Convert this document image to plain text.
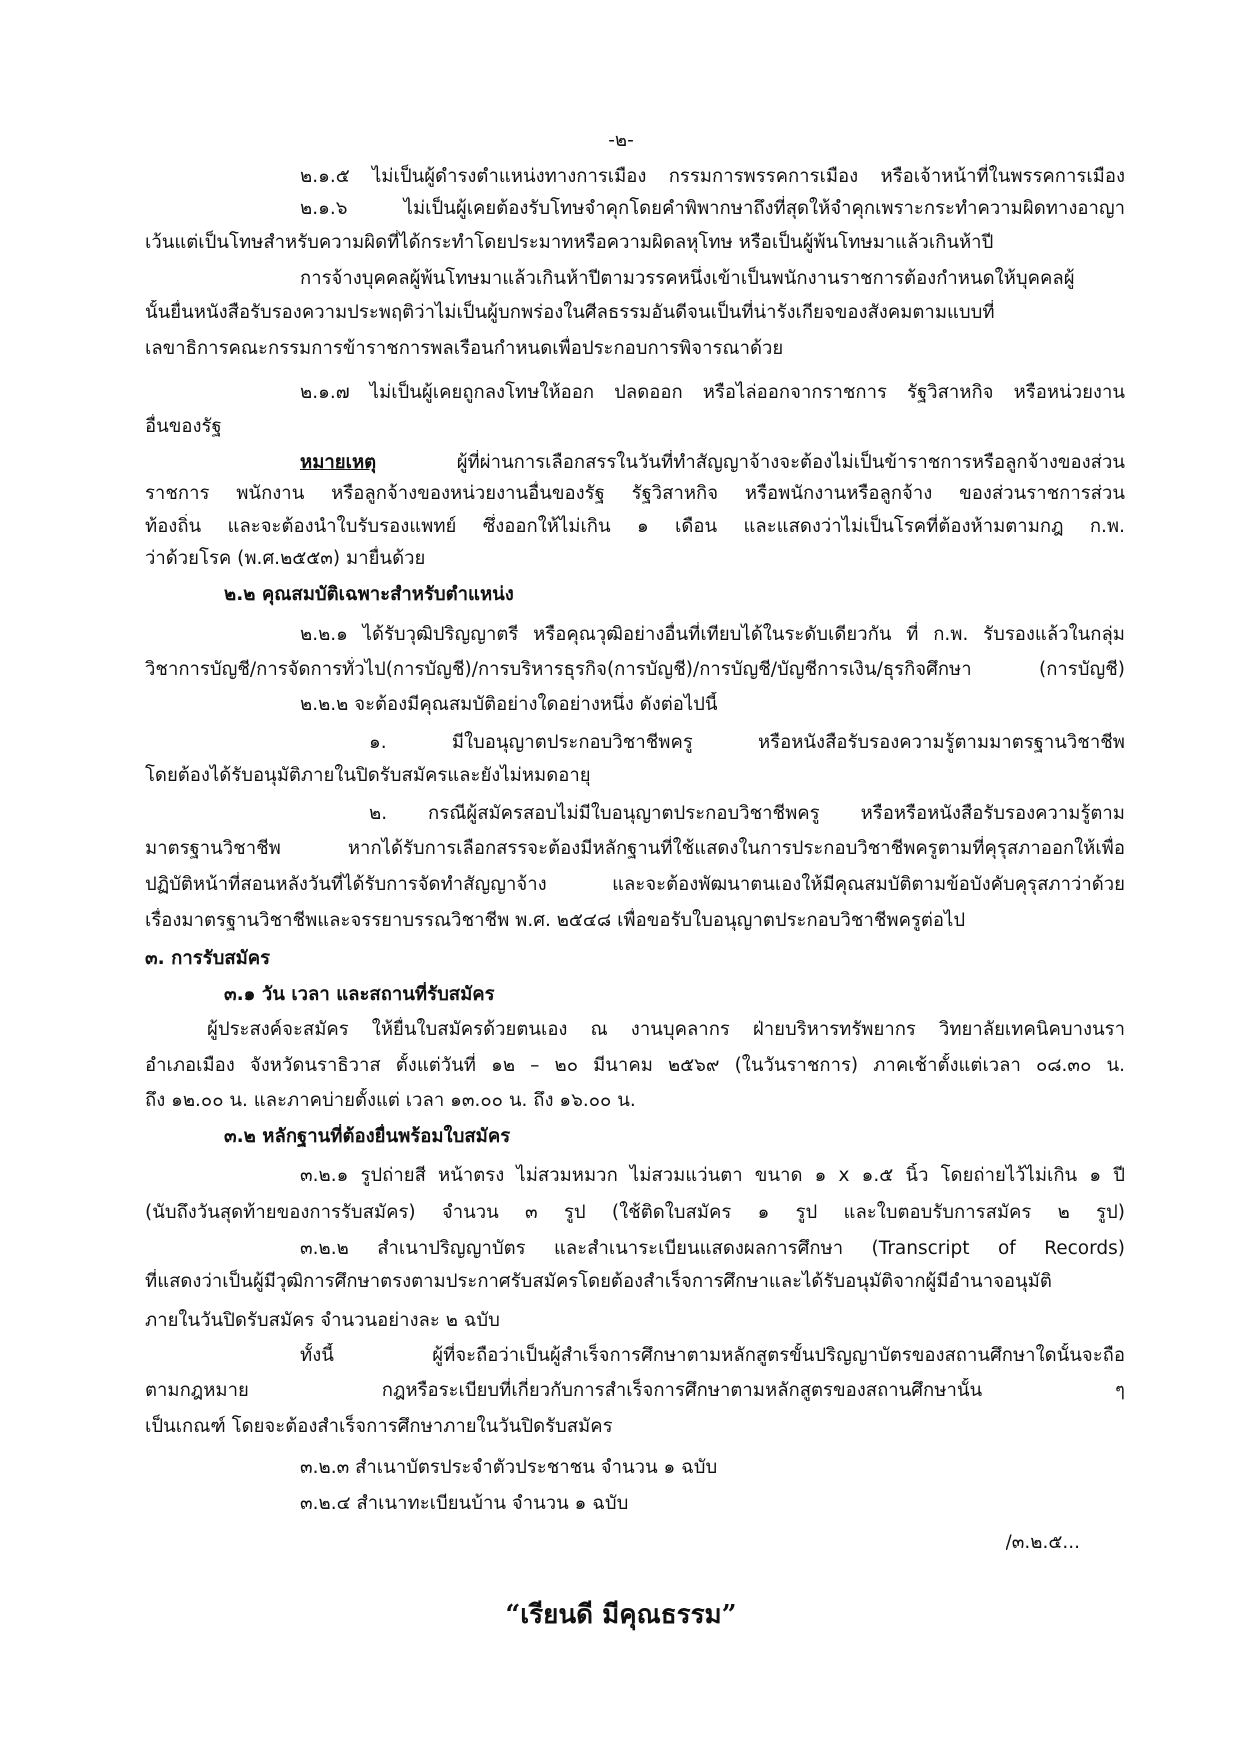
-๒-
๒.๑.๕ ไม่เป็นผู้ดำรงตำแหน่งทางการเมือง กรรมการพรรคการเมือง หรือเจ้าหน้าที่ในพรรคการเมือง
๒.๑.๖ ไม่เป็นผู้เคยต้องรับโทษจำคุกโดยคำพิพากษาถึงที่สุดให้จำคุกเพราะกระทำความผิดทางอาญา
เว้นแต่เป็นโทษสำหรับความผิดที่ได้กระทำโดยประมาทหรือความผิดลหุโทษ หรือเป็นผู้พ้นโทษมาแล้วเกินห้าปี
การจ้างบุคคลผู้พ้นโทษมาแล้วเกินห้าปีตามวรรคหนึ่งเข้าเป็นพนักงานราชการต้องกำหนดให้บุคคลผู้
นั้นยื่นหนังสือรับรองความประพฤติว่าไม่เป็นผู้บกพร่องในศีลธรรมอันดีจนเป็นที่น่ารังเกียจของสังคมตามแบบที่
เลขาธิการคณะกรรมการข้าราชการพลเรือนกำหนดเพื่อประกอบการพิจารณาด้วย
๒.๑.๗ ไม่เป็นผู้เคยถูกลงโทษให้ออก ปลดออก หรือไล่ออกจากราชการ รัฐวิสาหกิจ หรือหน่วยงาน
อื่นของรัฐ
หมายเหตุ ผู้ที่ผ่านการเลือกสรรในวันที่ทำสัญญาจ้างจะต้องไม่เป็นข้าราชการหรือลูกจ้างของส่วน
ราชการ พนักงาน หรือลูกจ้างของหน่วยงานอื่นของรัฐ รัฐวิสาหกิจ หรือพนักงานหรือลูกจ้าง ของส่วนราชการส่วน
ท้องถิ่น และจะต้องนำใบรับรองแพทย์ ซึ่งออกให้ไม่เกิน ๑ เดือน และแสดงว่าไม่เป็นโรคที่ต้องห้ามตามกฎ ก.พ.
ว่าด้วยโรค (พ.ศ.๒๕๕๓) มายื่นด้วย
๒.๒ คุณสมบัติเฉพาะสำหรับตำแหน่ง
๒.๒.๑ ได้รับวุฒิปริญญาตรี หรือคุณวุฒิอย่างอื่นที่เทียบได้ในระดับเดียวกัน ที่ ก.พ. รับรองแล้วในกลุ่ม
วิชาการบัญชี/การจัดการทั่วไป(การบัญชี)/การบริหารธุรกิจ(การบัญชี)/การบัญชี/บัญชีการเงิน/ธุรกิจศึกษา (การบัญชี)
๒.๒.๒ จะต้องมีคุณสมบัติอย่างใดอย่างหนึ่ง ดังต่อไปนี้
๑. มีใบอนุญาตประกอบวิชาชีพครู หรือหนังสือรับรองความรู้ตามมาตรฐานวิชาชีพ
โดยต้องได้รับอนุมัติภายในปิดรับสมัครและยังไม่หมดอายุ
๒. กรณีผู้สมัครสอบไม่มีใบอนุญาตประกอบวิชาชีพครู หรือหรือหนังสือรับรองความรู้ตาม
มาตรฐานวิชาชีพ หากได้รับการเลือกสรรจะต้องมีหลักฐานที่ใช้แสดงในการประกอบวิชาชีพครูตามที่คุรุสภาออกให้เพื่อ
ปฏิบัติหน้าที่สอนหลังวันที่ได้รับการจัดทำสัญญาจ้าง และจะต้องพัฒนาตนเองให้มีคุณสมบัติตามข้อบังคับคุรุสภาว่าด้วย
เรื่องมาตรฐานวิชาชีพและจรรยาบรรณวิชาชีพ พ.ศ. ๒๕๔๘ เพื่อขอรับใบอนุญาตประกอบวิชาชีพครูต่อไป
๓. การรับสมัคร
๓.๑ วัน เวลา และสถานที่รับสมัคร
ผู้ประสงค์จะสมัคร ให้ยื่นใบสมัครด้วยตนเอง ณ งานบุคลากร ฝ่ายบริหารทรัพยากร วิทยาลัยเทคนิคบางนรา
อำเภอเมือง จังหวัดนราธิวาส ตั้งแต่วันที่ ๑๒ – ๒๐ มีนาคม ๒๕๖๙ (ในวันราชการ) ภาคเช้าตั้งแต่เวลา ๐๘.๓๐ น.
ถึง ๑๒.๐๐ น. และภาคบ่ายตั้งแต่ เวลา ๑๓.๐๐ น. ถึง ๑๖.๐๐ น.
๓.๒ หลักฐานที่ต้องยื่นพร้อมใบสมัคร
๓.๒.๑ รูปถ่ายสี หน้าตรง ไม่สวมหมวก ไม่สวมแว่นตา ขนาด ๑ x ๑.๕ นิ้ว โดยถ่ายไว้ไม่เกิน ๑ ปี
(นับถึงวันสุดท้ายของการรับสมัคร) จำนวน ๓ รูป (ใช้ติดใบสมัคร ๑ รูป และใบตอบรับการสมัคร ๒ รูป)
๓.๒.๒ สำเนาปริญญาบัตร และสำเนาระเบียนแสดงผลการศึกษา (Transcript of Records)
ที่แสดงว่าเป็นผู้มีวุฒิการศึกษาตรงตามประกาศรับสมัครโดยต้องสำเร็จการศึกษาและได้รับอนุมัติจากผู้มีอำนาจอนุมัติ
ภายในวันปิดรับสมัคร จำนวนอย่างละ ๒ ฉบับ
ทั้งนี้ ผู้ที่จะถือว่าเป็นผู้สำเร็จการศึกษาตามหลักสูตรขั้นปริญญาบัตรของสถานศึกษาใดนั้นจะถือ
ตามกฎหมาย กฎหรือระเบียบที่เกี่ยวกับการสำเร็จการศึกษาตามหลักสูตรของสถานศึกษานั้น ๆ
เป็นเกณฑ์ โดยจะต้องสำเร็จการศึกษาภายในวันปิดรับสมัคร
๓.๒.๓ สำเนาบัตรประจำตัวประชาชน จำนวน ๑ ฉบับ
๓.๒.๔ สำเนาทะเบียนบ้าน จำนวน ๑ ฉบับ
/๓.๒.๕...
“เรียนดี มีคุณธรรม”
